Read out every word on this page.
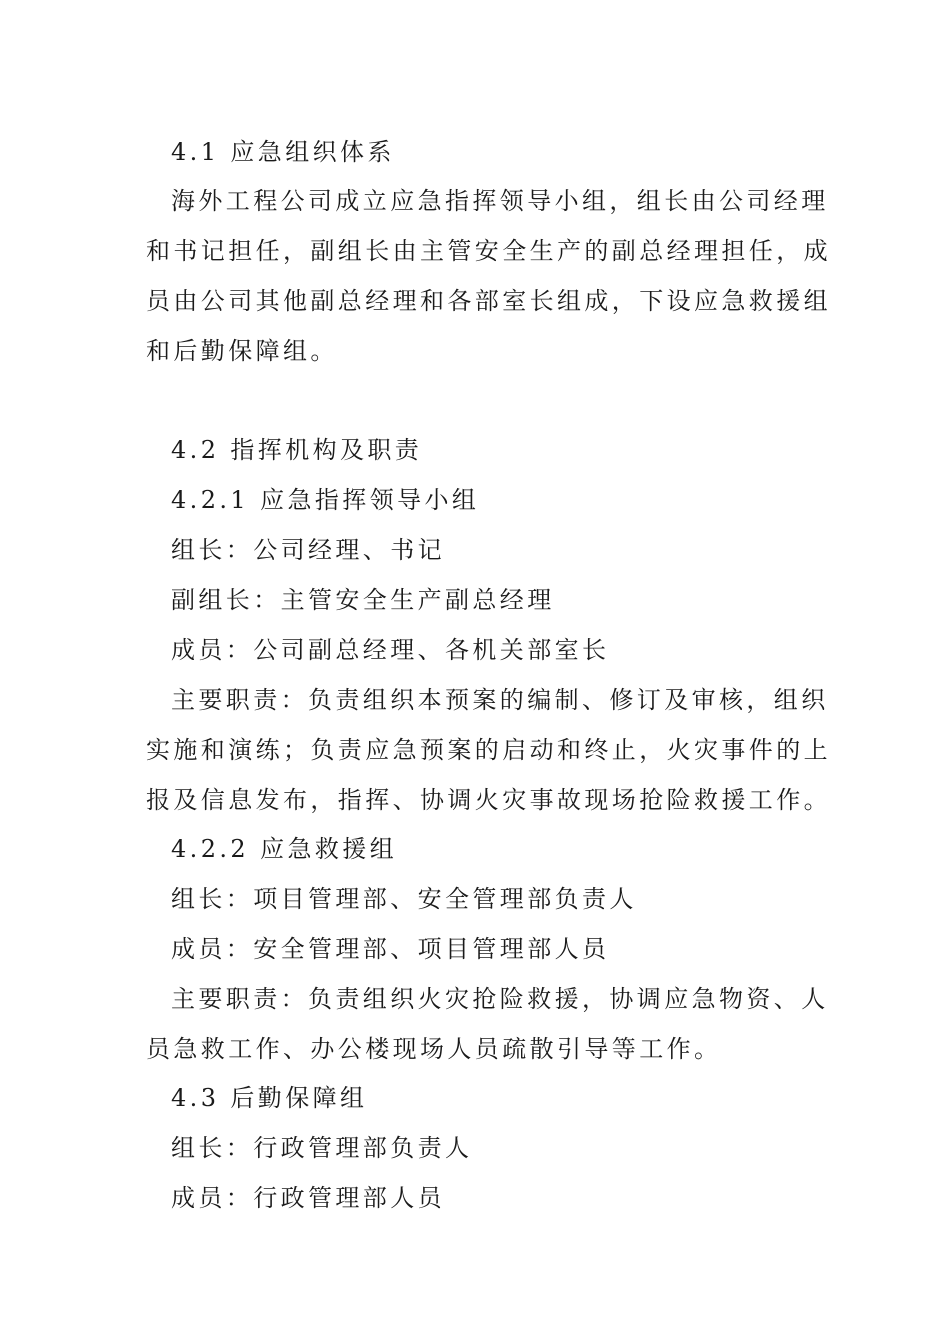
4.1 应急组织体系
海外工程公司成立应急指挥领导小组，组长由公司经理
和书记担任，副组长由主管安全生产的副总经理担任，成
员由公司其他副总经理和各部室长组成，下设应急救援组
和后勤保障组。
4.2 指挥机构及职责
4.2.1 应急指挥领导小组
组长：公司经理、书记
副组长：主管安全生产副总经理
成员：公司副总经理、各机关部室长
主要职责：负责组织本预案的编制、修订及审核，组织
实施和演练；负责应急预案的启动和终止，火灾事件的上
报及信息发布，指挥、协调火灾事故现场抢险救援工作。
4.2.2 应急救援组
组长：项目管理部、安全管理部负责人
成员：安全管理部、项目管理部人员
主要职责：负责组织火灾抢险救援，协调应急物资、人
员急救工作、办公楼现场人员疏散引导等工作。
4.3 后勤保障组
组长：行政管理部负责人
成员：行政管理部人员
